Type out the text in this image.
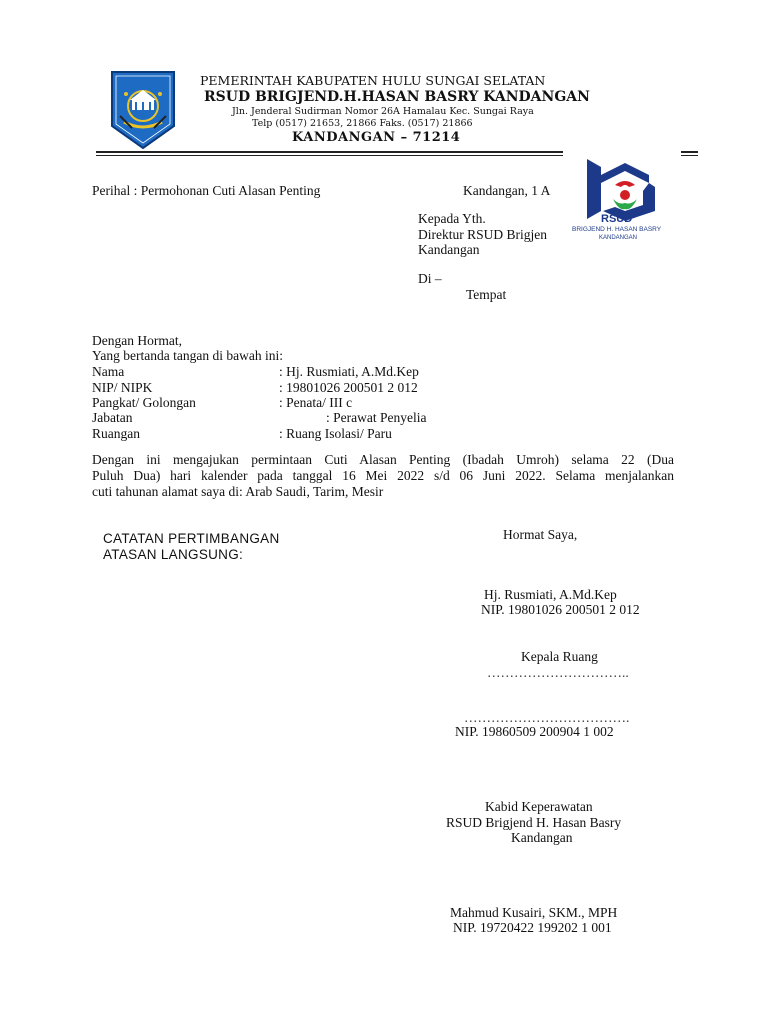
PEMERINTAH KABUPATEN HULU SUNGAI SELATAN
RSUD BRIGJEND.H.HASAN BASRY KANDANGAN
Jln. Jenderal Sudirman Nomor 26A Hamalau Kec. Sungai Raya
Telp (0517) 21653, 21866 Faks. (0517) 21866
KANDANGAN – 71214
RSUD
BRIGJEND H. HASAN BASRY
KANDANGAN
Perihal : Permohonan Cuti Alasan Penting	Kandangan, 1 A
Kepada Yth.
Direktur RSUD Brigjen
Kandangan
Di –
Tempat
Dengan Hormat,
Yang bertanda tangan di bawah ini:
Nama	: Hj. Rusmiati, A.Md.Kep
NIP/ NIPK	: 19801026 200501 2 012
Pangkat/ Golongan	: Penata/ III c
Jabatan	: Perawat Penyelia
Ruangan	: Ruang Isolasi/ Paru
Dengan ini mengajukan permintaan Cuti Alasan Penting (Ibadah Umroh) selama 22 (Dua
Puluh Dua) hari kalender pada tanggal 16 Mei 2022 s/d 06 Juni 2022. Selama menjalankan
cuti tahunan alamat saya di: Arab Saudi, Tarim, Mesir
CATATAN PERTIMBANGAN
ATASAN LANGSUNG:
Hormat Saya,
Hj. Rusmiati, A.Md.Kep
NIP. 19801026 200501 2 012
Kepala Ruang
…………………………..
……………………………….
NIP. 19860509 200904 1 002
Kabid Keperawatan
RSUD Brigjend H. Hasan Basry
Kandangan
Mahmud Kusairi, SKM., MPH
NIP. 19720422 199202 1 001
